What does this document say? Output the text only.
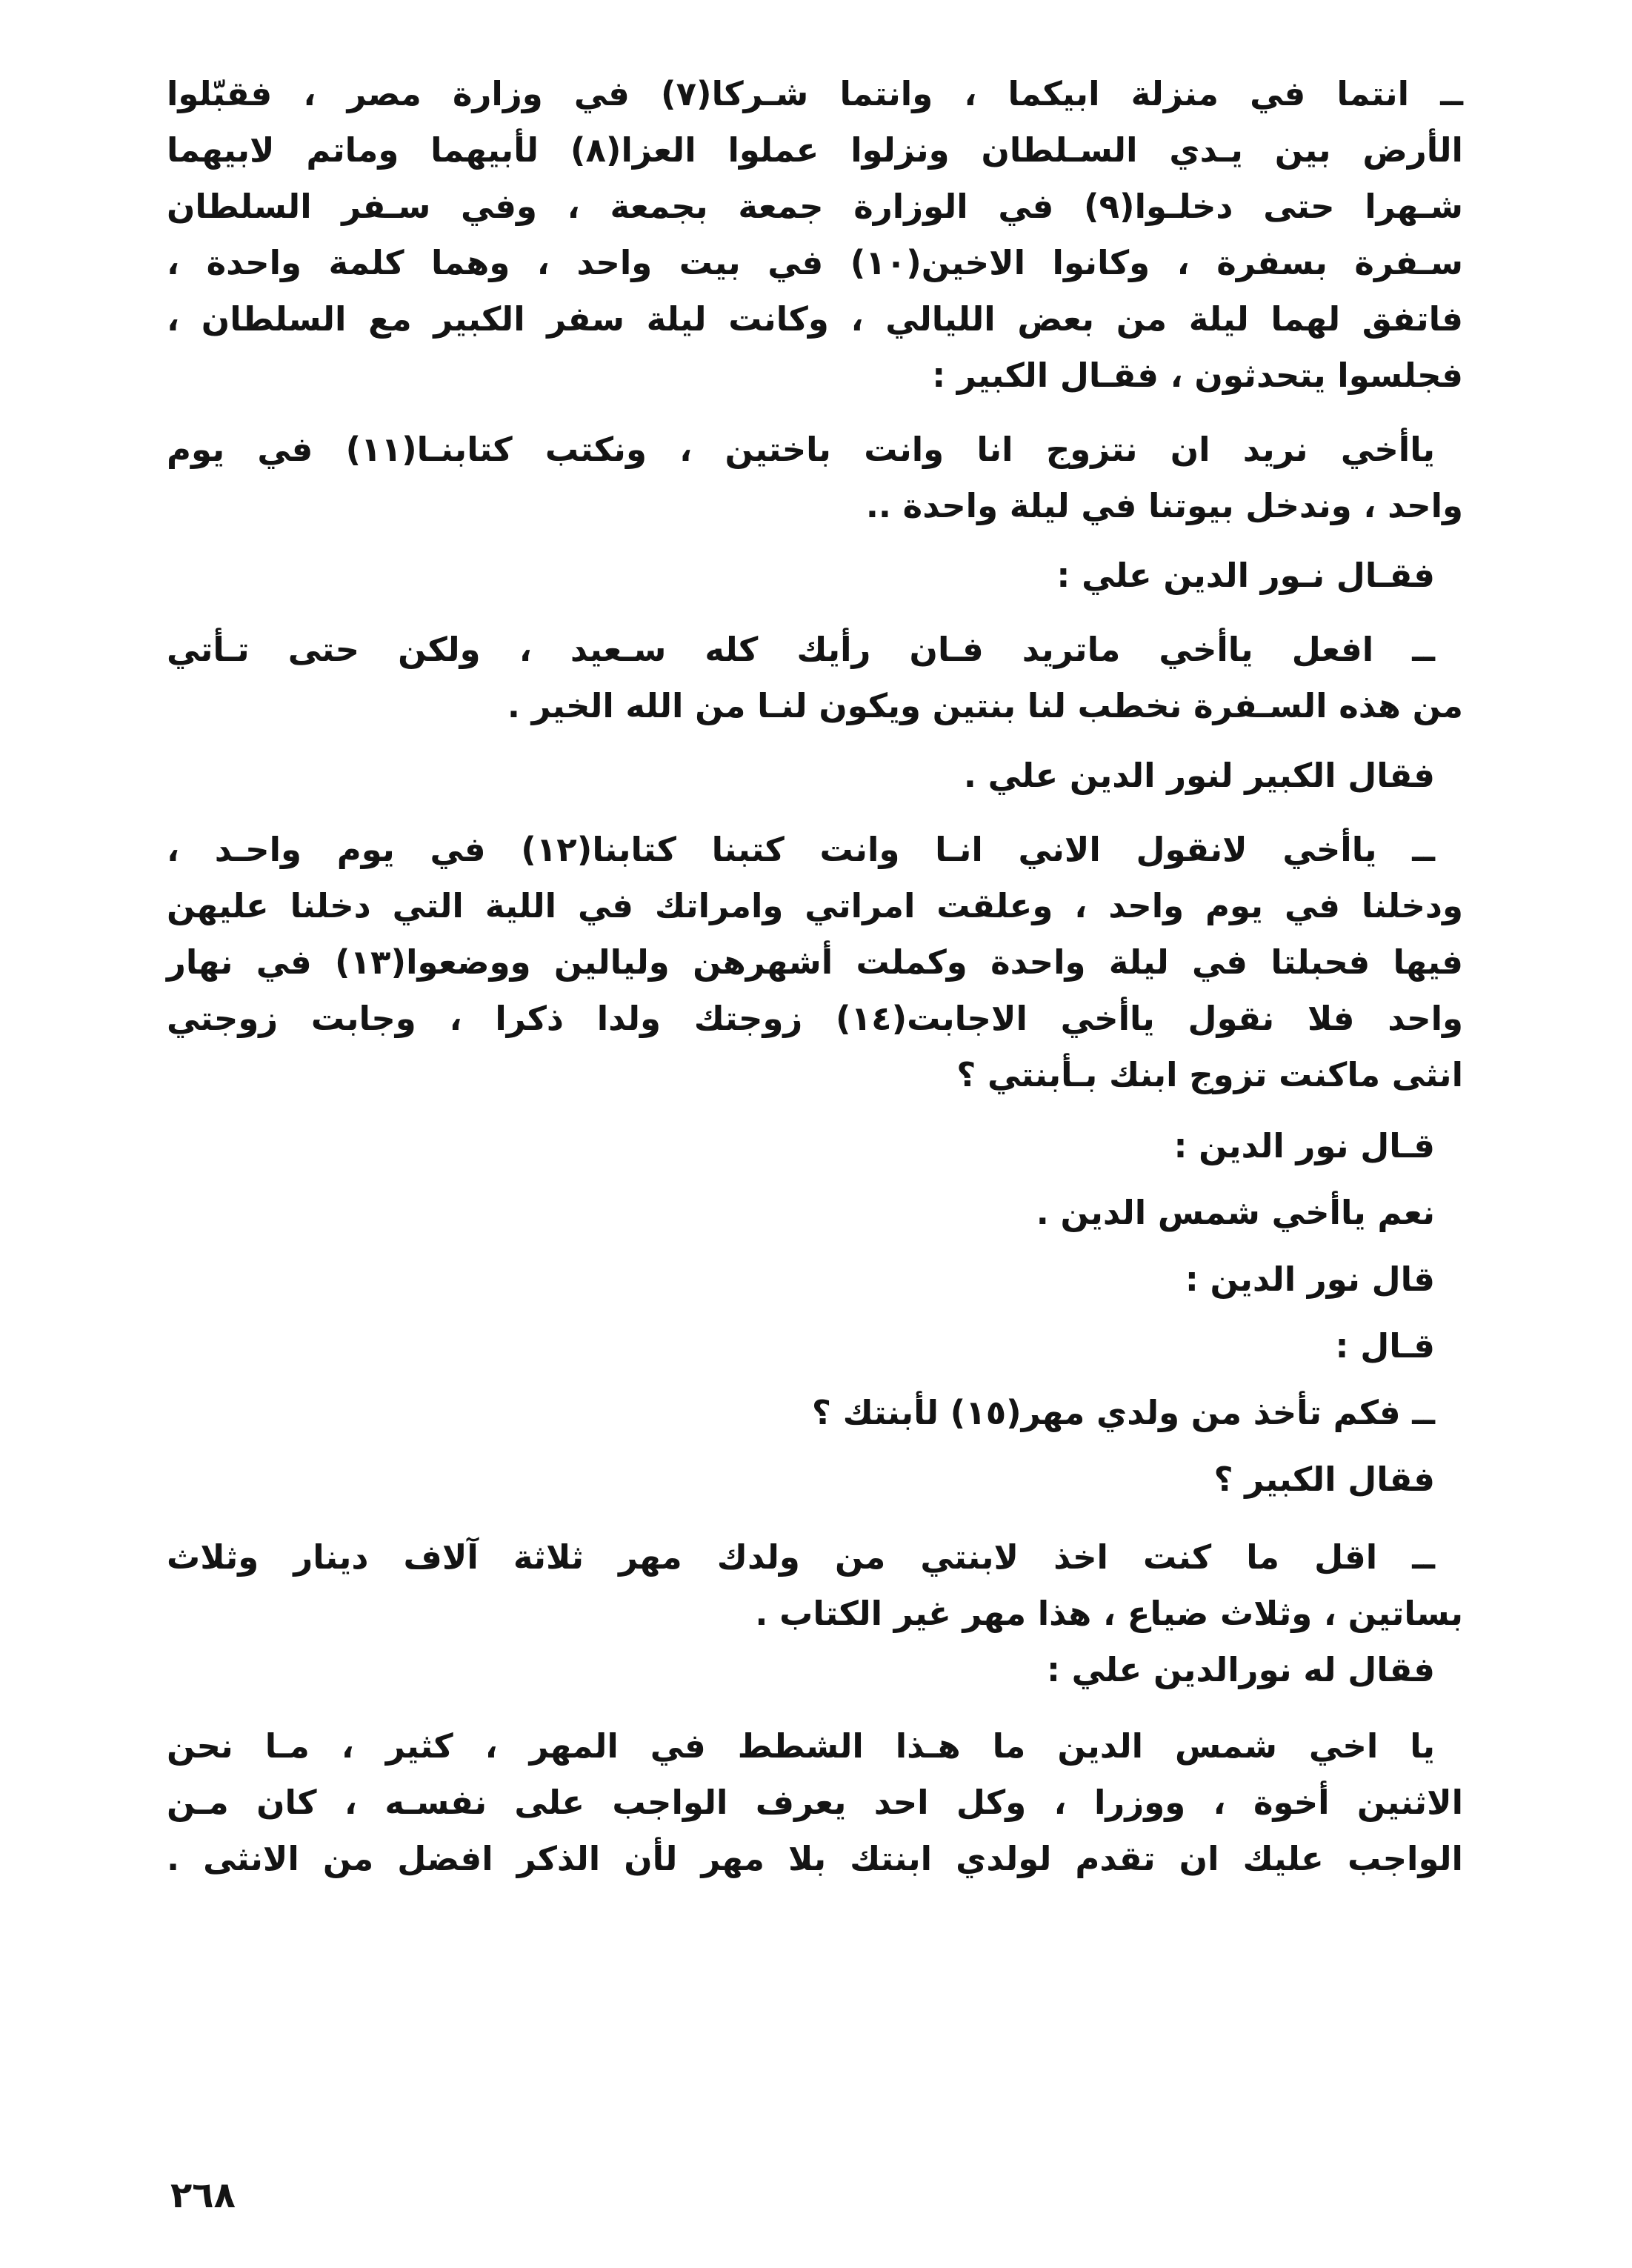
ــ انتما في منزلة ابيكما ، وانتما شـركا(٧) في وزارة مصر ، فقبّلوا
الأرض بين يـدي السـلطان ونزلوا عملوا العزا(٨) لأبيهما وماتم لابيهما
شـهرا حتى دخلـوا(٩) في الوزارة جمعة بجمعة ، وفي سـفر السلطان
سـفرة بسفرة ، وكانوا الاخين(١٠) في بيت واحد ، وهما كلمة واحدة ،
فاتفق لهما ليلة من بعض الليالي ، وكانت ليلة سفر الكبير مع السلطان ،
فجلسوا يتحدثون ، فقـال الكبير :
ياأخي نريد ان نتزوج انا وانت باختين ، ونكتب كتابنـا(١١) في يوم
واحد ، وندخل بيوتنا في ليلة واحدة ..
فقـال نـور الدين علي :
ــ افعل ياأخي ماتريد فـان رأيك كله سـعيد ، ولكن حتى تـأتي
من هذه السـفرة نخطب لنا بنتين ويكون لنـا من الله الخير .
فقال الكبير لنور الدين علي .
ــ ياأخي لانقول الاني انـا وانت كتبنا كتابنا(١٢) في يوم واحـد ،
ودخلنا في يوم واحد ، وعلقت امراتي وامراتك في اللية التي دخلنا عليهن
فيها فحبلتا في ليلة واحدة وكملت أشهرهن وليالين ووضعوا(١٣) في نهار
واحد فلا نقول ياأخي الاجابت(١٤) زوجتك ولدا ذكرا ، وجابت زوجتي
انثى ماكنت تزوج ابنك بـأبنتي ؟
قـال نور الدين :
نعم ياأخي شمس الدين .
قال نور الدين :
قـال :
ــ فكم تأخذ من ولدي مهر(١٥) لأبنتك ؟
فقال الكبير ؟
ــ اقل ما كنت اخذ لابنتي من ولدك مهر ثلاثة آلاف دينار وثلاث
بساتين ، وثلاث ضياع ، هذا مهر غير الكتاب .
فقال له نورالدين علي :
يا اخي شمس الدين ما هـذا الشطط في المهر ، كثير ، مـا نحن
الاثنين أخوة ، ووزرا ، وكل احد يعرف الواجب على نفسـه ، كان مـن
الواجب عليك ان تقدم لولدي ابنتك بلا مهر لأن الذكر افضل من الانثى .
٢٦٨
